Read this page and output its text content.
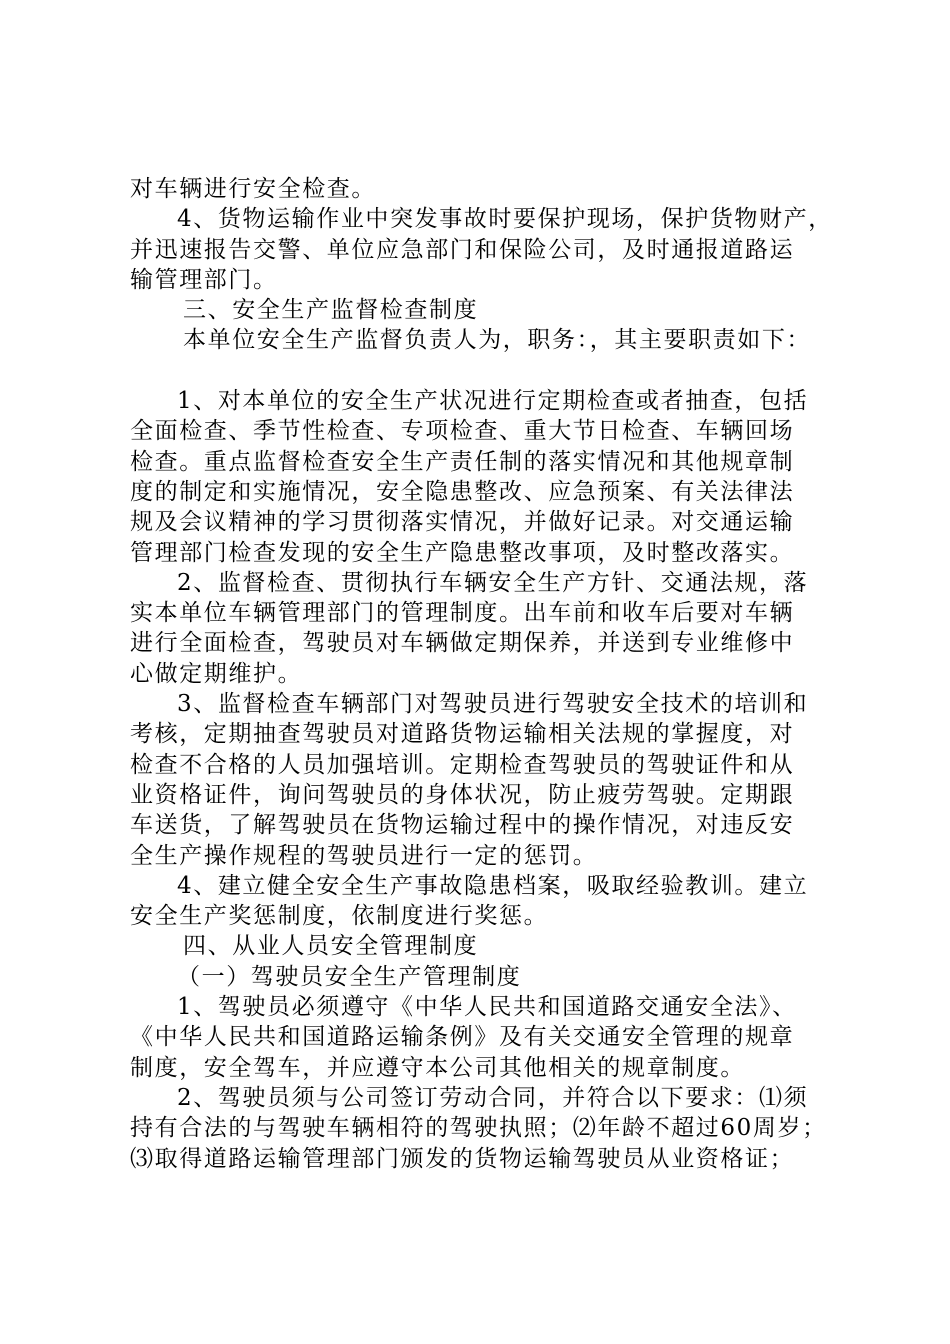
对车辆进行安全检查。
4、货物运输作业中突发事故时要保护现场，保护货物财产，
并迅速报告交警、单位应急部门和保险公司，及时通报道路运
输管理部门。
三、安全生产监督检查制度
本单位安全生产监督负责人为，职务：，其主要职责如下：
1、对本单位的安全生产状况进行定期检查或者抽查，包括
全面检查、季节性检查、专项检查、重大节日检查、车辆回场
检查。重点监督检查安全生产责任制的落实情况和其他规章制
度的制定和实施情况，安全隐患整改、应急预案、有关法律法
规及会议精神的学习贯彻落实情况，并做好记录。对交通运输
管理部门检查发现的安全生产隐患整改事项，及时整改落实。
2、监督检查、贯彻执行车辆安全生产方针、交通法规，落
实本单位车辆管理部门的管理制度。出车前和收车后要对车辆
进行全面检查，驾驶员对车辆做定期保养，并送到专业维修中
心做定期维护。
3、监督检查车辆部门对驾驶员进行驾驶安全技术的培训和
考核，定期抽查驾驶员对道路货物运输相关法规的掌握度，对
检查不合格的人员加强培训。定期检查驾驶员的驾驶证件和从
业资格证件，询问驾驶员的身体状况，防止疲劳驾驶。定期跟
车送货，了解驾驶员在货物运输过程中的操作情况，对违反安
全生产操作规程的驾驶员进行一定的惩罚。
4、建立健全安全生产事故隐患档案，吸取经验教训。建立
安全生产奖惩制度，依制度进行奖惩。
四、从业人员安全管理制度
（一）驾驶员安全生产管理制度
1、驾驶员必须遵守《中华人民共和国道路交通安全法》、
《中华人民共和国道路运输条例》及有关交通安全管理的规章
制度，安全驾车，并应遵守本公司其他相关的规章制度。
2、驾驶员须与公司签订劳动合同，并符合以下要求：⑴须
持有合法的与驾驶车辆相符的驾驶执照；⑵年龄不超过60周岁；
⑶取得道路运输管理部门颁发的货物运输驾驶员从业资格证；
